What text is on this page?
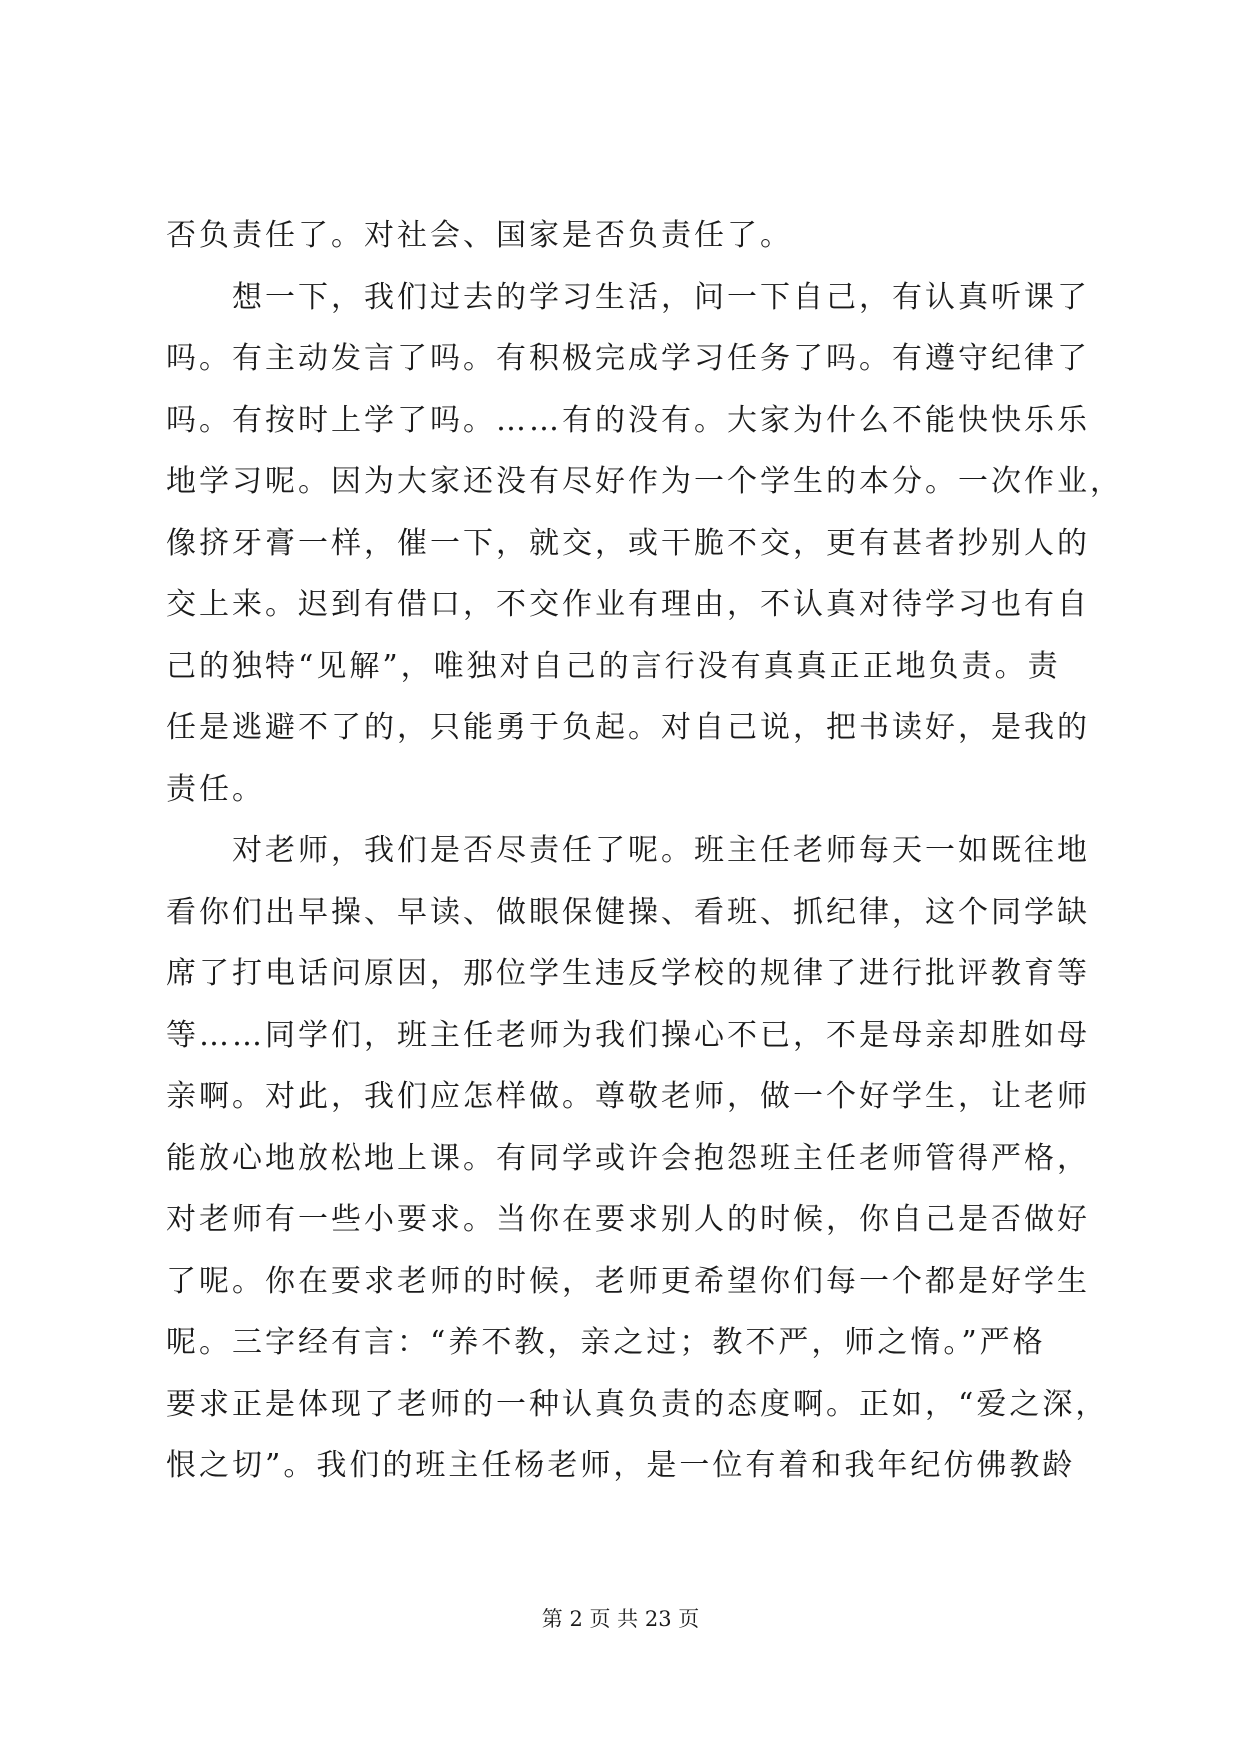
否负责任了。对社会、国家是否负责任了。
　　想一下，我们过去的学习生活，问一下自己，有认真听课了
吗。有主动发言了吗。有积极完成学习任务了吗。有遵守纪律了
吗。有按时上学了吗。……有的没有。大家为什么不能快快乐乐
地学习呢。因为大家还没有尽好作为一个学生的本分。一次作业，
像挤牙膏一样，催一下，就交，或干脆不交，更有甚者抄别人的
交上来。迟到有借口，不交作业有理由，不认真对待学习也有自
己的独特“见解”，唯独对自己的言行没有真真正正地负责。责
任是逃避不了的，只能勇于负起。对自己说，把书读好，是我的
责任。
　　对老师，我们是否尽责任了呢。班主任老师每天一如既往地
看你们出早操、早读、做眼保健操、看班、抓纪律，这个同学缺
席了打电话问原因，那位学生违反学校的规律了进行批评教育等
等……同学们，班主任老师为我们操心不已，不是母亲却胜如母
亲啊。对此，我们应怎样做。尊敬老师，做一个好学生，让老师
能放心地放松地上课。有同学或许会抱怨班主任老师管得严格，
对老师有一些小要求。当你在要求别人的时候，你自己是否做好
了呢。你在要求老师的时候，老师更希望你们每一个都是好学生
呢。三字经有言：“养不教，亲之过；教不严，师之惰。”严格
要求正是体现了老师的一种认真负责的态度啊。正如，“爱之深，
恨之切”。我们的班主任杨老师，是一位有着和我年纪仿佛教龄
第 2 页 共 23 页
